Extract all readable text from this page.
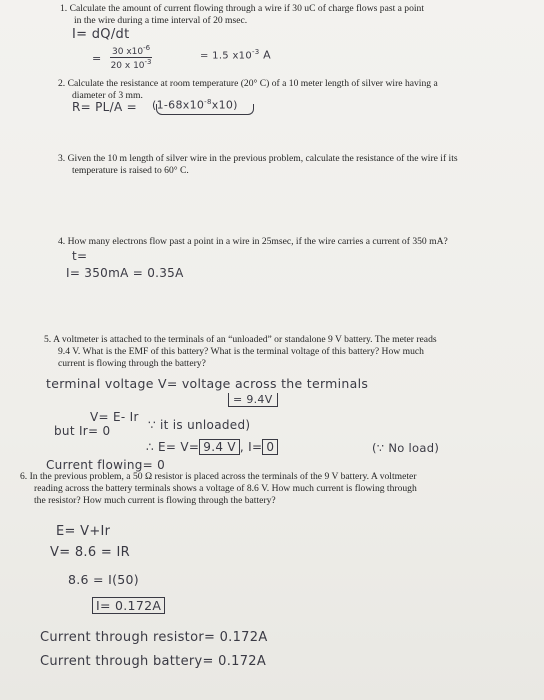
1. Calculate the amount of current flowing through a wire if 30 uC of charge flows past a point
in the wire during a time interval of 20 msec.
I= dQ/dt
= $\frac{30 x10^{-6}}{20 x 10^{-3}}$	= 1.5 $x10^{-3}$ A
2. Calculate the resistance at room temperature (20° C) of a 10 meter length of silver wire having a
diameter of 3 mm.
$R= PL/A = (1-68x10^{-8}x10)$
3. Given the 10 m length of silver wire in the previous problem, calculate the resistance of the wire if its
temperature is raised to 60° C.
4. How many electrons flow past a point in a wire in 25msec, if the wire carries a current of 350 mA?
t=
I= 350mA = 0.35A
5. A voltmeter is attached to the terminals of an “unloaded” or standalone 9 V battery. The meter reads
9.4 V. What is the EMF of this battery? What is the terminal voltage of this battery? How much
current is flowing through the battery?
terminal voltage V= voltage across the terminals
= 9.4V
V= E- Ir
but Ir= 0	∵ it is unloaded)
∴ E= V= 9.4 V , I= 0	(∵ No load)
Current flowing= 0
6. In the previous problem, a 50 Ω resistor is placed across the terminals of the 9 V battery. A voltmeter
reading across the battery terminals shows a voltage of 8.6 V. How much current is flowing through
the resistor? How much current is flowing through the battery?
E= V+Ir
V= 8.6 = IR
8.6 = I(50)
I= 0.172A
Current through resistor= 0.172A
Current through battery= 0.172A
